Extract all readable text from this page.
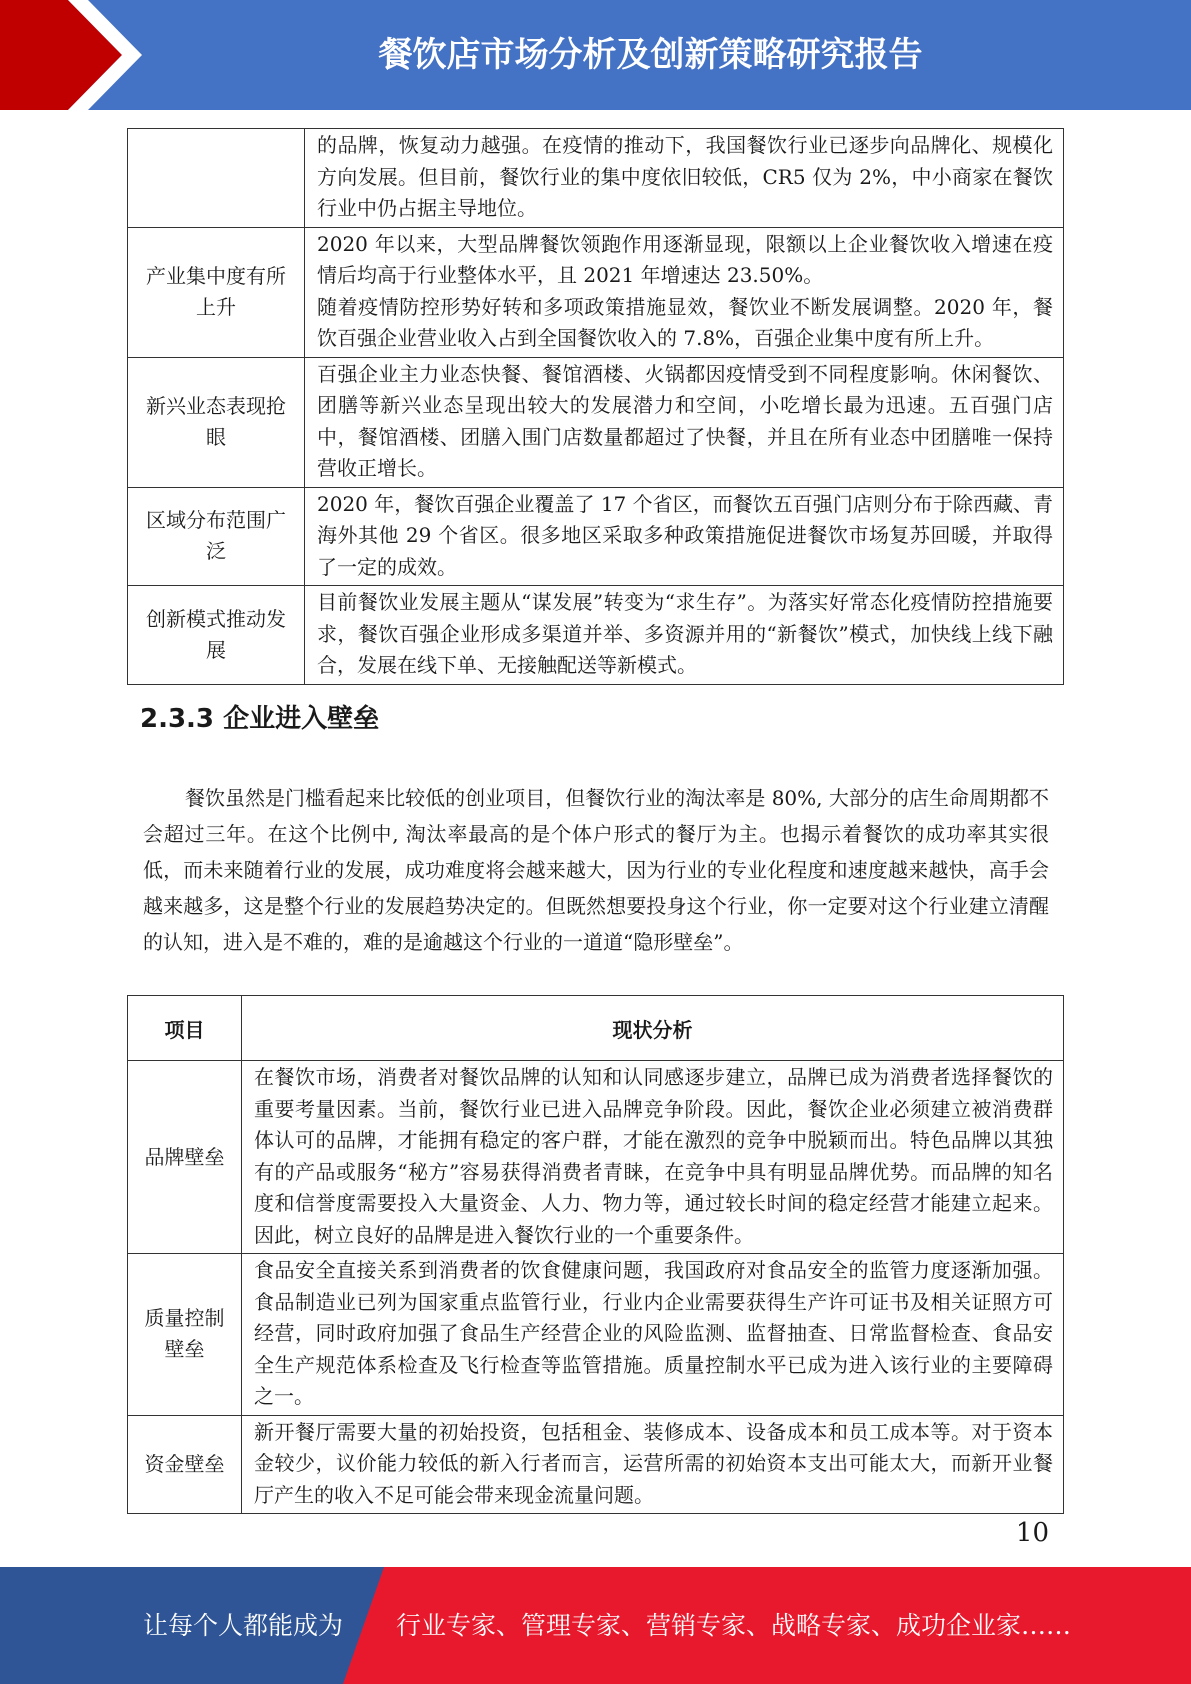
餐饮店市场分析及创新策略研究报告
	的品牌，恢复动力越强。在疫情的推动下，我国餐饮行业已逐步向品牌化、规模化方向发展。但目前，餐饮行业的集中度依旧较低，CR5 仅为 2%，中小商家在餐饮行业中仍占据主导地位。
产业集中度有所上升	2020 年以来，大型品牌餐饮领跑作用逐渐显现，限额以上企业餐饮收入增速在疫情后均高于行业整体水平，且 2021 年增速达 23.50%。
随着疫情防控形势好转和多项政策措施显效，餐饮业不断发展调整。2020 年，餐饮百强企业营业收入占到全国餐饮收入的 7.8%，百强企业集中度有所上升。

新兴业态表现抢眼	百强企业主力业态快餐、餐馆酒楼、火锅都因疫情受到不同程度影响。休闲餐饮、团膳等新兴业态呈现出较大的发展潜力和空间，小吃增长最为迅速。五百强门店中，餐馆酒楼、团膳入围门店数量都超过了快餐，并且在所有业态中团膳唯一保持营收正增长。
区域分布范围广泛	2020 年，餐饮百强企业覆盖了 17 个省区，而餐饮五百强门店则分布于除西藏、青海外其他 29 个省区。很多地区采取多种政策措施促进餐饮市场复苏回暖，并取得了一定的成效。
创新模式推动发展	目前餐饮业发展主题从“谋发展”转变为“求生存”。为落实好常态化疫情防控措施要求，餐饮百强企业形成多渠道并举、多资源并用的“新餐饮”模式，加快线上线下融合，发展在线下单、无接触配送等新模式。
2.3.3 企业进入壁垒

餐饮虽然是门槛看起来比较低的创业项目，但餐饮行业的淘汰率是 80%, 大部分的店生命周期都不会超过三年。在这个比例中, 淘汰率最高的是个体户形式的餐厅为主。也揭示着餐饮的成功率其实很低，而未来随着行业的发展，成功难度将会越来越大，因为行业的专业化程度和速度越来越快，高手会越来越多，这是整个行业的发展趋势决定的。但既然想要投身这个行业，你一定要对这个行业建立清醒的认知，进入是不难的，难的是逾越这个行业的一道道“隐形壁垒”。

项目	现状分析
品牌壁垒	在餐饮市场，消费者对餐饮品牌的认知和认同感逐步建立，品牌已成为消费者选择餐饮的重要考量因素。当前，餐饮行业已进入品牌竞争阶段。因此，餐饮企业必须建立被消费群体认可的品牌，才能拥有稳定的客户群，才能在激烈的竞争中脱颖而出。特色品牌以其独有的产品或服务“秘方”容易获得消费者青睐，在竞争中具有明显品牌优势。而品牌的知名度和信誉度需要投入大量资金、人力、物力等，通过较长时间的稳定经营才能建立起来。因此，树立良好的品牌是进入餐饮行业的一个重要条件。
质量控制壁垒	食品安全直接关系到消费者的饮食健康问题，我国政府对食品安全的监管力度逐渐加强。食品制造业已列为国家重点监管行业，行业内企业需要获得生产许可证书及相关证照方可经营，同时政府加强了食品生产经营企业的风险监测、监督抽查、日常监督检查、食品安全生产规范体系检查及飞行检查等监管措施。质量控制水平已成为进入该行业的主要障碍之一。
资金壁垒	新开餐厅需要大量的初始投资，包括租金、装修成本、设备成本和员工成本等。对于资本金较少，议价能力较低的新入行者而言，运营所需的初始资本支出可能太大，而新开业餐厅产生的收入不足可能会带来现金流量问题。
10
让每个人都能成为 行业专家、管理专家、营销专家、战略专家、成功企业家……
